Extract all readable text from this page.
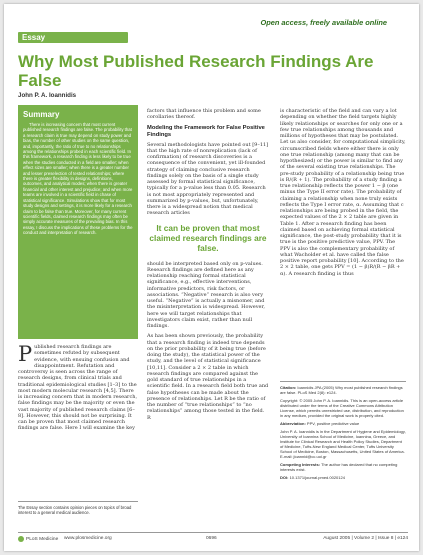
Open access, freely available online
Essay
Why Most Published Research Findings Are False
John P. A. Ioannidis
Summary
There is increasing concern that most current published research findings are false. The probability that a research claim is true may depend on study power and bias, the number of other studies on the same question, and, importantly, the ratio of true to no relationships among the relationships probed in each scientific field. In this framework, a research finding is less likely to be true when the studies conducted in a field are smaller; when effect sizes are smaller; when there is a greater number and lesser preselection of tested relationships; where there is greater flexibility in designs, definitions, outcomes, and analytical modes; when there is greater financial and other interest and prejudice; and when more teams are involved in a scientific field in chase of statistical significance. Simulations show that for most study designs and settings, it is more likely for a research claim to be false than true. Moreover, for many current scientific fields, claimed research findings may often be simply accurate measures of the prevailing bias. In this essay, I discuss the implications of these problems for the conduct and interpretation of research.

Published research findings are sometimes refuted by subsequent evidence, with ensuing confusion and disappointment. Refutation and controversy is seen across the range of research designs, from clinical trials and traditional epidemiological studies [1–3] to the most modern molecular research [4,5]. There is increasing concern that in modern research, false findings may be the majority or even the vast majority of published research claims [6–8]. However, this should not be surprising. It can be proven that most claimed research findings are false. Here I will examine the key

The Essay section contains opinion pieces on topics of broad interest to a general medical audience.

factors that influence this problem and some corollaries thereof.

Modeling the Framework for False Positive Findings

Several methodologists have pointed out [9–11] that the high rate of nonreplication (lack of confirmation) of research discoveries is a consequence of the convenient, yet ill-founded strategy of claiming conclusive research findings solely on the basis of a single study assessed by formal statistical significance, typically for a p-value less than 0.05. Research is not most appropriately represented and summarized by p-values, but, unfortunately, there is a widespread notion that medical research articles

It can be proven that most claimed research findings are false.

should be interpreted based only on p-values. Research findings are defined here as any relationship reaching formal statistical significance, e.g., effective interventions, informative predictors, risk factors, or associations. “Negative” research is also very useful. “Negative” is actually a misnomer, and the misinterpretation is widespread. However, here we will target relationships that investigators claim exist, rather than null findings.

As has been shown previously, the probability that a research finding is indeed true depends on the prior probability of it being true (before doing the study), the statistical power of the study, and the level of statistical significance [10,11]. Consider a 2 × 2 table in which research findings are compared against the gold standard of true relationships in a scientific field. In a research field both true and false hypotheses can be made about the presence of relationships. Let R be the ratio of the number of “true relationships” to “no relationships” among those tested in the field. R

is characteristic of the field and can vary a lot depending on whether the field targets highly likely relationships or searches for only one or a few true relationships among thousands and millions of hypotheses that may be postulated. Let us also consider, for computational simplicity, circumscribed fields where either there is only one true relationship (among many that can be hypothesized) or the power is similar to find any of the several existing true relationships. The pre-study probability of a relationship being true is R/(R + 1). The probability of a study finding a true relationship reflects the power 1 − β (one minus the Type II error rate). The probability of claiming a relationship when none truly exists reflects the Type I error rate, α. Assuming that c relationships are being probed in the field, the expected values of the 2 × 2 table are given in Table 1. After a research finding has been claimed based on achieving formal statistical significance, the post-study probability that it is true is the positive predictive value, PPV. The PPV is also the complementary probability of what Wacholder et al. have called the false positive report probability [10]. According to the 2 × 2 table, one gets PPV = (1 − β)R/(R − βR + α). A research finding is thus

Citation: Ioannidis JPA (2005) Why most published research findings are false. PLoS Med 2(8): e124.

Copyright: © 2005 John P. A. Ioannidis. This is an open-access article distributed under the terms of the Creative Commons Attribution License, which permits unrestricted use, distribution, and reproduction in any medium, provided the original work is properly cited.

Abbreviation: PPV, positive predictive value

John P. A. Ioannidis is in the Department of Hygiene and Epidemiology, University of Ioannina School of Medicine, Ioannina, Greece, and Institute for Clinical Research and Health Policy Studies, Department of Medicine, Tufts-New England Medical Center, Tufts University School of Medicine, Boston, Massachusetts, United States of America. E-mail: jioannid@cc.uoi.gr

Competing Interests: The author has declared that no competing interests exist.

DOI: 10.1371/journal.pmed.0020124

PLoS Medicine www.plosmedicine.org	0696	August 2005 | Volume 2 | Issue 8 | e124
